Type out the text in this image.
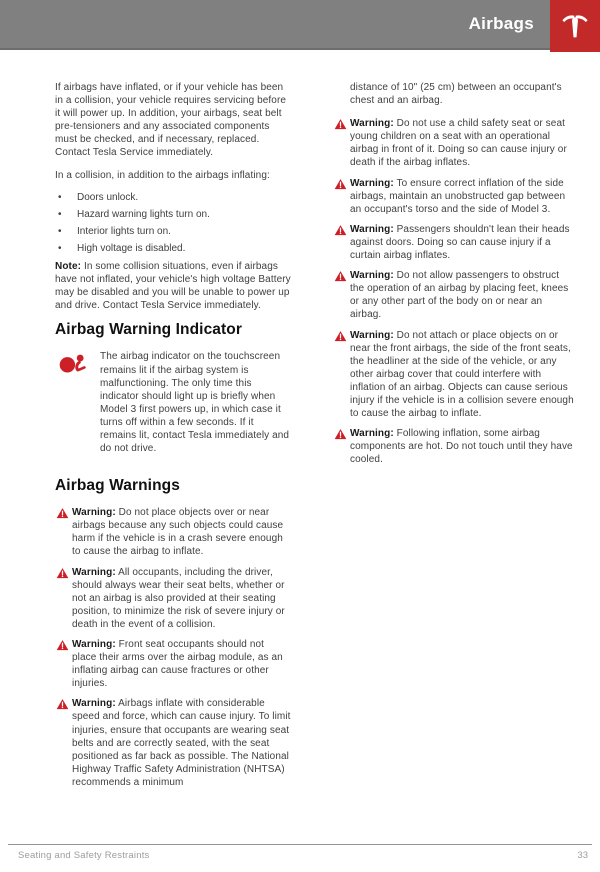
Airbags

If airbags have inflated, or if your vehicle has been in a collision, your vehicle requires servicing before it will power up. In addition, your airbags, seat belt pre-tensioners and any associated components must be checked, and if necessary, replaced. Contact Tesla Service immediately.

In a collision, in addition to the airbags inflating:

•	Doors unlock.
•	Hazard warning lights turn on.
•	Interior lights turn on.
•	High voltage is disabled.

Note: In some collision situations, even if airbags have not inflated, your vehicle's high voltage Battery may be disabled and you will be unable to power up and drive. Contact Tesla Service immediately.

Airbag Warning Indicator

The airbag indicator on the touchscreen remains lit if the airbag system is malfunctioning. The only time this indicator should light up is briefly when Model 3 first powers up, in which case it turns off within a few seconds. If it remains lit, contact Tesla immediately and do not drive.

Airbag Warnings

Warning: Do not place objects over or near airbags because any such objects could cause harm if the vehicle is in a crash severe enough to cause the airbag to inflate.

Warning: All occupants, including the driver, should always wear their seat belts, whether or not an airbag is also provided at their seating position, to minimize the risk of severe injury or death in the event of a collision.

Warning: Front seat occupants should not place their arms over the airbag module, as an inflating airbag can cause fractures or other injuries.

Warning: Airbags inflate with considerable speed and force, which can cause injury. To limit injuries, ensure that occupants are wearing seat belts and are correctly seated, with the seat positioned as far back as possible. The National Highway Traffic Safety Administration (NHTSA) recommends a minimum

distance of 10" (25 cm) between an occupant's chest and an airbag.

Warning: Do not use a child safety seat or seat young children on a seat with an operational airbag in front of it. Doing so can cause injury or death if the airbag inflates.

Warning: To ensure correct inflation of the side airbags, maintain an unobstructed gap between an occupant's torso and the side of Model 3.

Warning: Passengers shouldn't lean their heads against doors. Doing so can cause injury if a curtain airbag inflates.

Warning: Do not allow passengers to obstruct the operation of an airbag by placing feet, knees or any other part of the body on or near an airbag.

Warning: Do not attach or place objects on or near the front airbags, the side of the front seats, the headliner at the side of the vehicle, or any other airbag cover that could interfere with inflation of an airbag. Objects can cause serious injury if the vehicle is in a collision severe enough to cause the airbag to inflate.

Warning: Following inflation, some airbag components are hot. Do not touch until they have cooled.

Seating and Safety Restraints	33
